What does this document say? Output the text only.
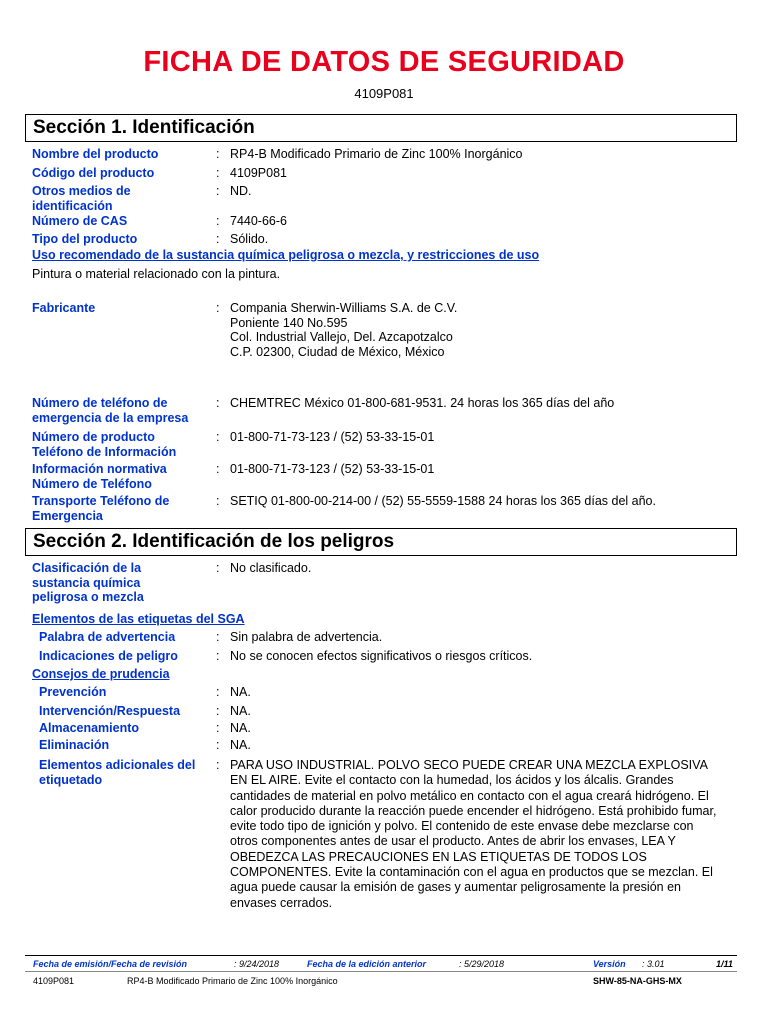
FICHA DE DATOS DE SEGURIDAD
4109P081
Sección 1. Identificación
Nombre del producto	: RP4-B Modificado Primario de Zinc 100% Inorgánico
Código del producto	: 4109P081
Otros medios de identificación
: ND.
Número de CAS	: 7440-66-6
Tipo del producto	: Sólido.
Uso recomendado de la sustancia química peligrosa o mezcla, y restricciones de uso
Pintura o material relacionado con la pintura.
Fabricante	: Compania Sherwin-Williams S.A. de C.V.
Poniente 140 No.595
Col. Industrial Vallejo, Del. Azcapotzalco
C.P. 02300, Ciudad de México, México
Número de teléfono de
emergencia de la empresa
: CHEMTREC México 01-800-681-9531. 24 horas los 365 días del año
Número de producto
Teléfono de Información
: 01-800-71-73-123 / (52) 53-33-15-01
Información normativa
Número de Teléfono
: 01-800-71-73-123 / (52) 53-33-15-01
Transporte Teléfono de
Emergencia
: SETIQ 01-800-00-214-00 / (52) 55-5559-1588 24 horas los 365 días del año.
Sección 2. Identificación de los peligros
Clasificación de la
sustancia química
peligrosa o mezcla
: No clasificado.
Elementos de las etiquetas del SGA
Palabra de advertencia	: Sin palabra de advertencia.
Indicaciones de peligro	: No se conocen efectos significativos o riesgos críticos.
Consejos de prudencia
Prevención	: NA.
Intervención/Respuesta	: NA.
Almacenamiento	: NA.
Eliminación	: NA.
Elementos adicionales del
etiquetado
: PARA USO INDUSTRIAL. POLVO SECO PUEDE CREAR UNA MEZCLA EXPLOSIVA
EN EL AIRE. Evite el contacto con la humedad, los ácidos y los álcalis. Grandes
cantidades de material en polvo metálico en contacto con el agua creará hidrógeno. El
calor producido durante la reacción puede encender el hidrógeno. Está prohibido fumar,
evite todo tipo de ignición y polvo. El contenido de este envase debe mezclarse con
otros componentes antes de usar el producto. Antes de abrir los envases, LEA Y
OBEDEZCA LAS PRECAUCIONES EN LAS ETIQUETAS DE TODOS LOS
COMPONENTES. Evite la contaminación con el agua en productos que se mezclan. El
agua puede causar la emisión de gases y aumentar peligrosamente la presión en
envases cerrados.
Fecha de emisión/Fecha de revisión	: 9/24/2018	Fecha de la edición anterior	: 5/29/2018	Versión : 3.01	1/11
4109P081	RP4-B Modificado Primario de Zinc 100% Inorgánico	SHW-85-NA-GHS-MX
